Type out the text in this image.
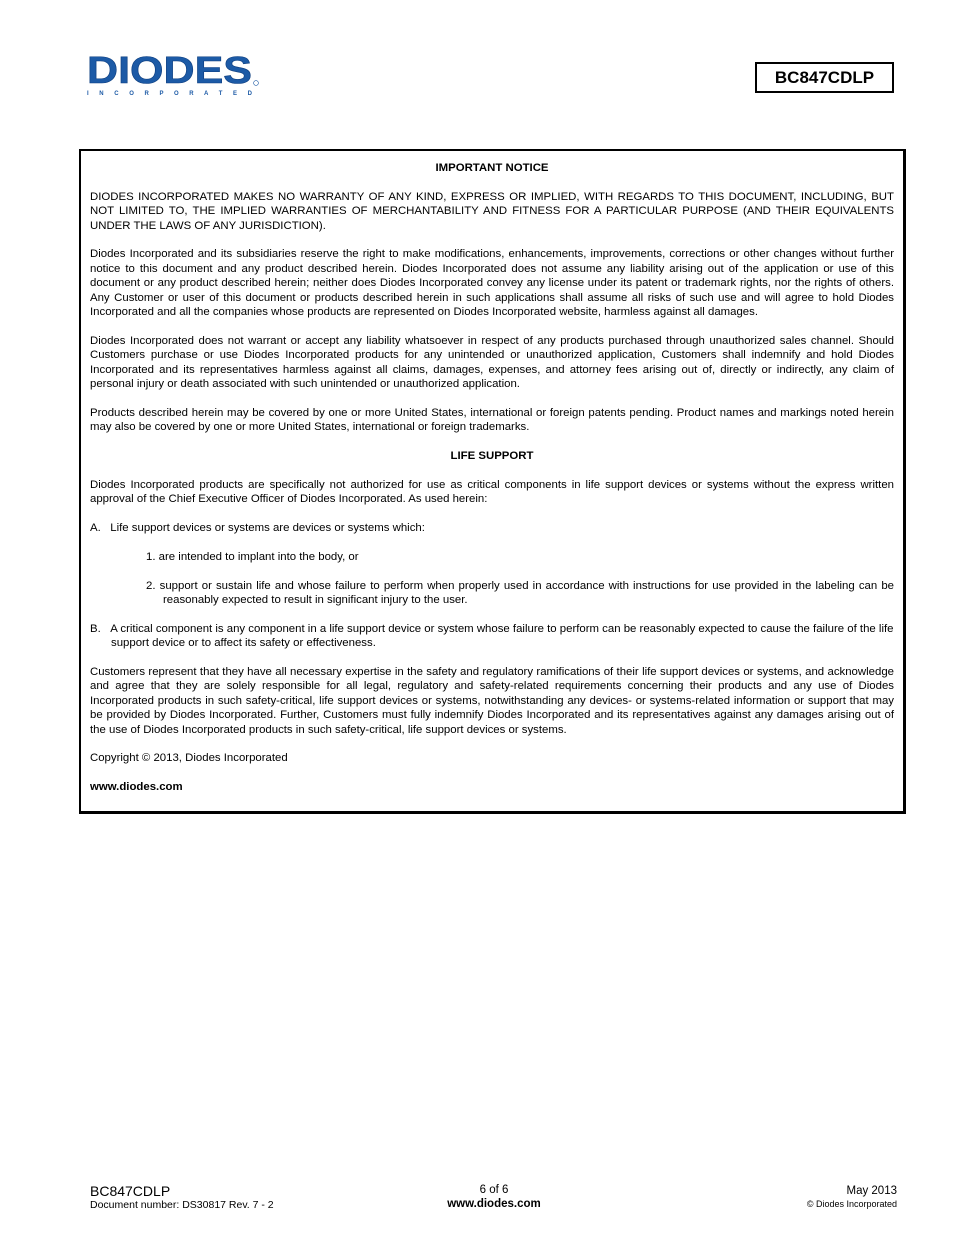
DIODES
I N C O R P O R A T E D
BC847CDLP
IMPORTANT NOTICE

DIODES INCORPORATED MAKES NO WARRANTY OF ANY KIND, EXPRESS OR IMPLIED, WITH REGARDS TO THIS DOCUMENT, INCLUDING, BUT NOT LIMITED TO, THE IMPLIED WARRANTIES OF MERCHANTABILITY AND FITNESS FOR A PARTICULAR PURPOSE (AND THEIR EQUIVALENTS UNDER THE LAWS OF ANY JURISDICTION).

Diodes Incorporated and its subsidiaries reserve the right to make modifications, enhancements, improvements, corrections or other changes without further notice to this document and any product described herein. Diodes Incorporated does not assume any liability arising out of the application or use of this document or any product described herein; neither does Diodes Incorporated convey any license under its patent or trademark rights, nor the rights of others. Any Customer or user of this document or products described herein in such applications shall assume all risks of such use and will agree to hold Diodes Incorporated and all the companies whose products are represented on Diodes Incorporated website, harmless against all damages.

Diodes Incorporated does not warrant or accept any liability whatsoever in respect of any products purchased through unauthorized sales channel. Should Customers purchase or use Diodes Incorporated products for any unintended or unauthorized application, Customers shall indemnify and hold Diodes Incorporated and its representatives harmless against all claims, damages, expenses, and attorney fees arising out of, directly or indirectly, any claim of personal injury or death associated with such unintended or unauthorized application.

Products described herein may be covered by one or more United States, international or foreign patents pending. Product names and markings noted herein may also be covered by one or more United States, international or foreign trademarks.

LIFE SUPPORT

Diodes Incorporated products are specifically not authorized for use as critical components in life support devices or systems without the express written approval of the Chief Executive Officer of Diodes Incorporated. As used herein:

A.   Life support devices or systems are devices or systems which:

1. are intended to implant into the body, or

2. support or sustain life and whose failure to perform when properly used in accordance with instructions for use provided in the labeling can be reasonably expected to result in significant injury to the user.

B.   A critical component is any component in a life support device or system whose failure to perform can be reasonably expected to cause the failure of the life support device or to affect its safety or effectiveness.

Customers represent that they have all necessary expertise in the safety and regulatory ramifications of their life support devices or systems, and acknowledge and agree that they are solely responsible for all legal, regulatory and safety-related requirements concerning their products and any use of Diodes Incorporated products in such safety-critical, life support devices or systems, notwithstanding any devices- or systems-related information or support that may be provided by Diodes Incorporated. Further, Customers must fully indemnify Diodes Incorporated and its representatives against any damages arising out of the use of Diodes Incorporated products in such safety-critical, life support devices or systems.

Copyright © 2013, Diodes Incorporated

www.diodes.com

BC847CDLP
Document number: DS30817 Rev. 7 - 2
6 of 6
www.diodes.com
May 2013
© Diodes Incorporated
